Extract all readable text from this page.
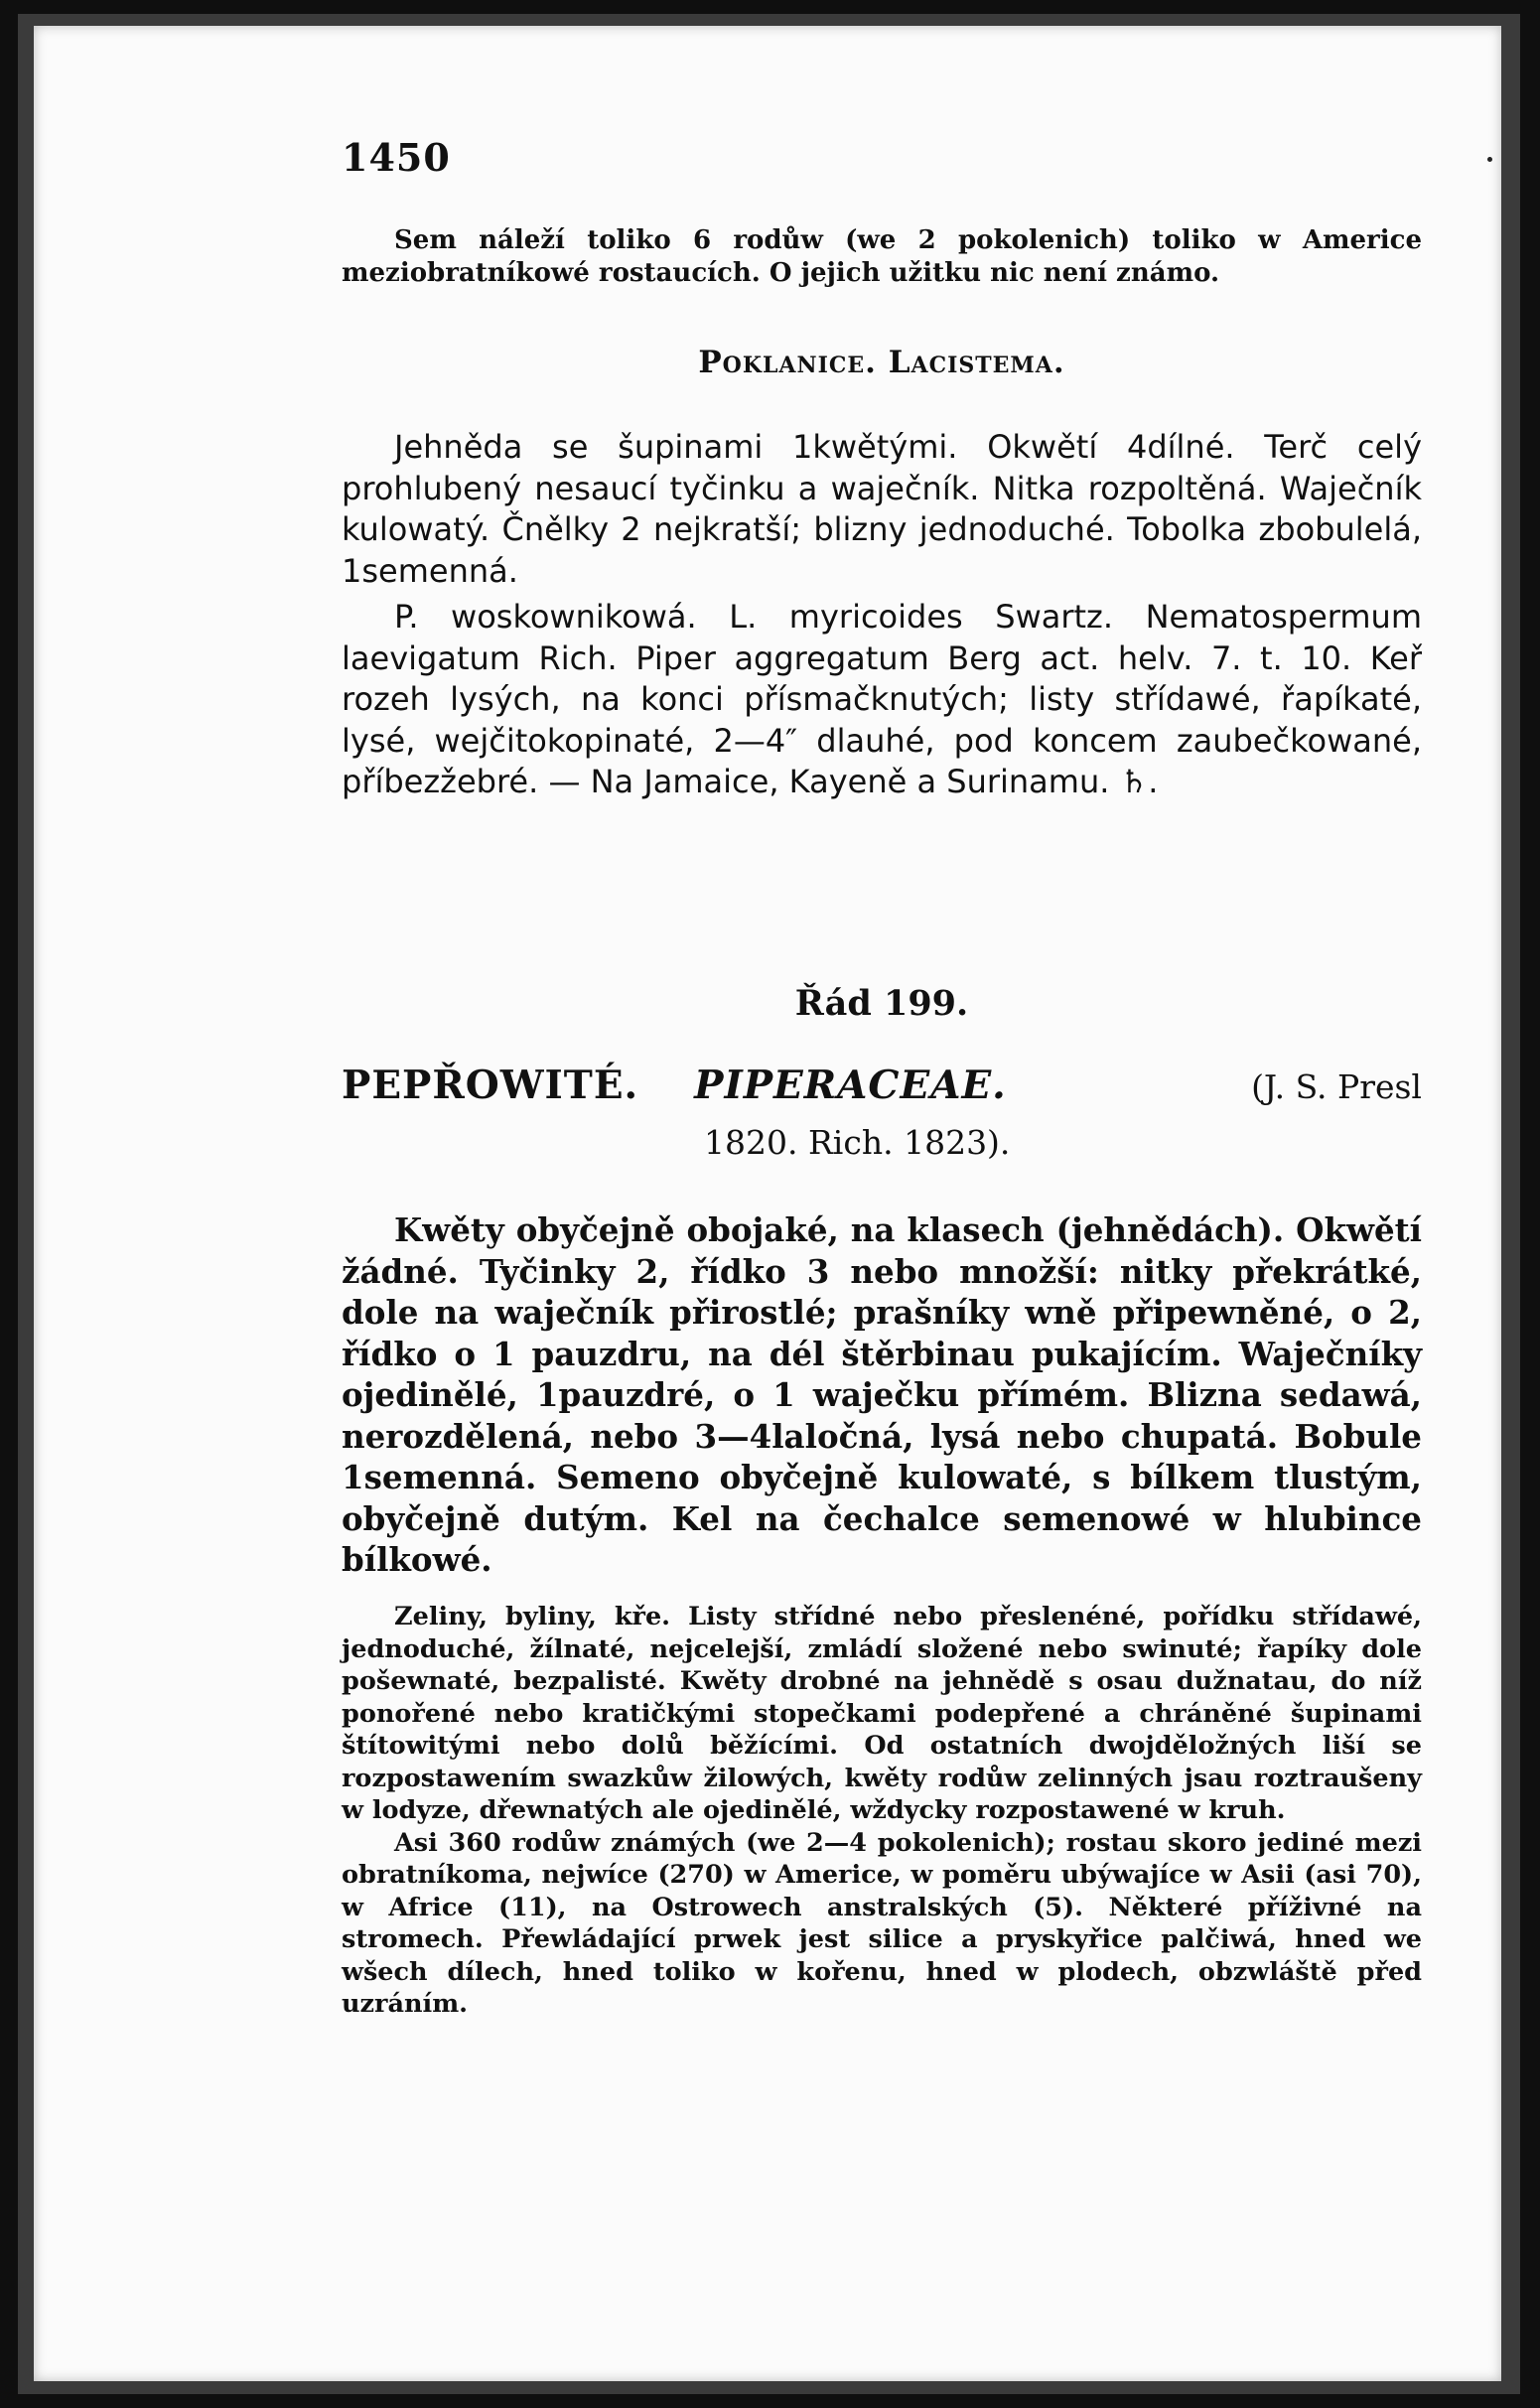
1450

Sem náleží toliko 6 rodůw (we 2 pokolenich) toliko w Americe meziobratníkowé rostaucích. O jejich užitku nic není známo.

Poklanice. Lacistema.

Jehněda se šupinami 1kwětými. Okwětí 4dílné. Terč celý prohlubený nesaucí tyčinku a waječník. Nitka rozpoltěná. Waječník kulowatý. Čnělky 2 nejkratší; blizny jednoduché. Tobolka zbobulelá, 1semenná.

P. woskownikowá. L. myricoides Swartz. Nematospermum laevigatum Rich. Piper aggregatum Berg act. helv. 7. t. 10. Keř rozeh lysých, na konci přísmačknutých; listy střídawé, řapíkaté, lysé, wejčitokopinaté, 2—4″ dlauhé, pod koncem zaubečkowané, příbezžebré. — Na Jamaice, Kayeně a Surinamu. ♄.

Řád 199.
PEPŘOWITÉ. PIPERACEAE.	(J. S. Presl
1820. Rich. 1823).

Kwěty obyčejně obojaké, na klasech (jehnědách). Okwětí žádné. Tyčinky 2, řídko 3 nebo množší: nitky překrátké, dole na waječník přirostlé; prašníky wně připewněné, o 2, řídko o 1 pauzdru, na dél štěrbinau pukajícím. Waječníky ojedinělé, 1pauzdré, o 1 waječku přímém. Blizna sedawá, nerozdělená, nebo 3—4laločná, lysá nebo chupatá. Bobule 1semenná. Semeno obyčejně kulowaté, s bílkem tlustým, obyčejně dutým. Kel na čechalce semenowé w hlubince bílkowé.

Zeliny, byliny, kře. Listy střídné nebo přeslenéné, pořídku střídawé, jednoduché, žílnaté, nejcelejší, zmládí složené nebo swinuté; řapíky dole pošewnaté, bezpalisté. Kwěty drobné na jehnědě s osau dužnatau, do níž ponořené nebo kratičkými stopečkami podepřené a chráněné šupinami štítowitými nebo dolů běžícími. Od ostatních dwojděložných liší se rozpostawením swazkůw žilowých, kwěty rodůw zelinných jsau roztraušeny w lodyze, dřewnatých ale ojedinělé, wždycky rozpostawené w kruh.

Asi 360 rodůw známých (we 2—4 pokolenich); rostau skoro jediné mezi obratníkoma, nejwíce (270) w Americe, w poměru ubýwajíce w Asii (asi 70), w Africe (11), na Ostrowech anstralských (5). Některé příživné na stromech. Přewládající prwek jest silice a pryskyřice palčiwá, hned we wšech dílech, hned toliko w kořenu, hned w plodech, obzwláště před uzráním.
